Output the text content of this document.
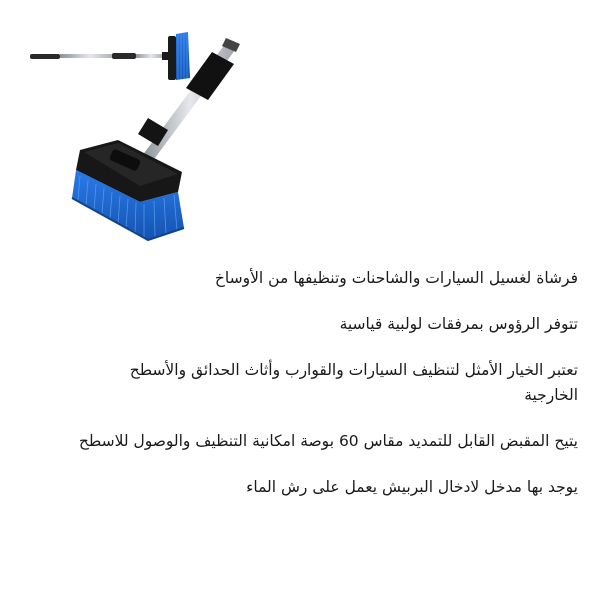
فرشاة لغسيل السيارات والشاحنات وتنظيفها من الأوساخ

تتوفر الرؤوس بمرفقات لولبية قياسية

تعتبر الخيار الأمثل لتنظيف السيارات والقوارب وأثاث الحدائق والأسطح الخارجية

يتيح المقبض القابل للتمديد مقاس 60 بوصة امكانية التنظيف والوصول للاسطح

يوجد بها مدخل لادخال البربيش يعمل على رش الماء
